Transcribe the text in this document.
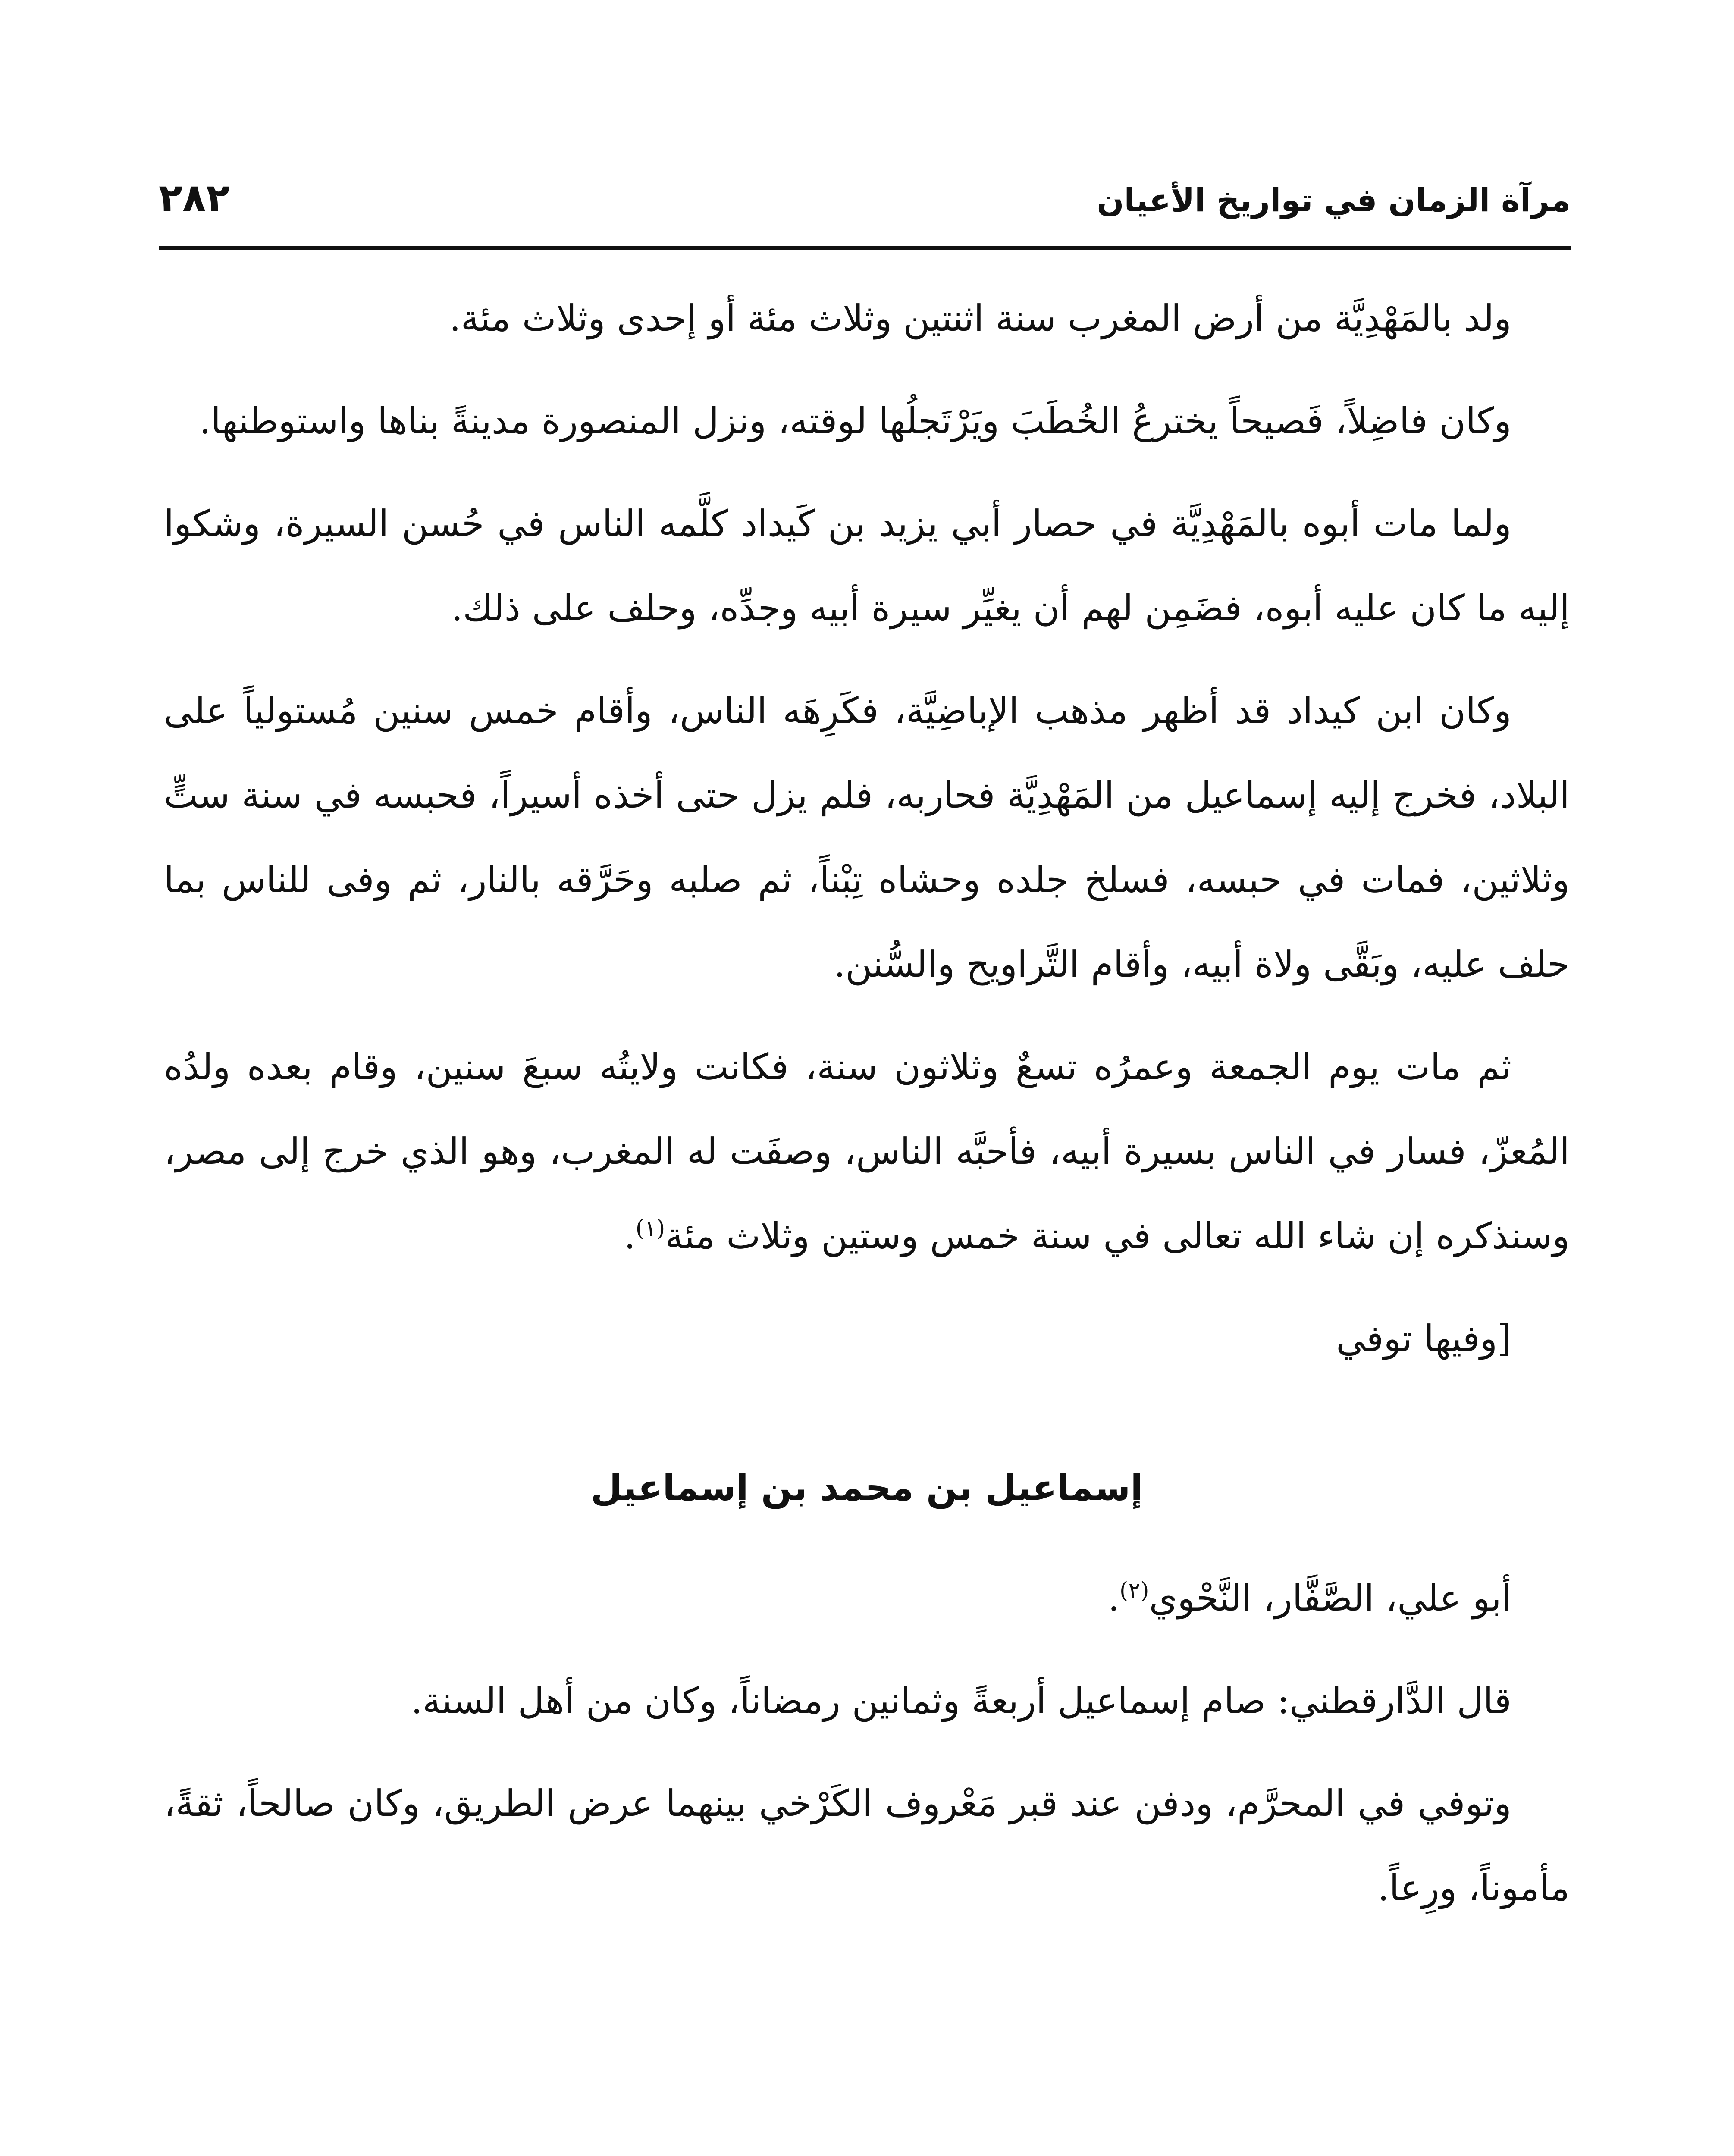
مرآة الزمان في تواريخ الأعيان
٢٨٢

ولد بالمَهْدِيَّة من أرض المغرب سنة اثنتين وثلاث مئة أو إحدى وثلاث مئة.

وكان فاضِلاً، فَصيحاً يخترعُ الخُطَبَ ويَرْتَجلُها لوقته، ونزل المنصورة مدينةً بناها واستوطنها.

ولما مات أبوه بالمَهْدِيَّة في حصار أبي يزيد بن كَيداد كلَّمه الناس في حُسن السيرة، وشكوا إليه ما كان عليه أبوه، فضَمِن لهم أن يغيِّر سيرة أبيه وجدِّه، وحلف على ذلك.

وكان ابن كيداد قد أظهر مذهب الإباضِيَّة، فكَرِهَه الناس، وأقام خمس سنين مُستولياً على البلاد، فخرج إليه إسماعيل من المَهْدِيَّة فحاربه، فلم يزل حتى أخذه أسيراً، فحبسه في سنة ستٍّ وثلاثين، فمات في حبسه، فسلخ جلده وحشاه تِبْناً، ثم صلبه وحَرَّقه بالنار، ثم وفى للناس بما حلف عليه، وبَقَّى ولاة أبيه، وأقام التَّراويح والسُّنن.

ثم مات يوم الجمعة وعمرُه تسعٌ وثلاثون سنة، فكانت ولايتُه سبعَ سنين، وقام بعده ولدُه المُعزّ، فسار في الناس بسيرة أبيه، فأحبَّه الناس، وصفَت له المغرب، وهو الذي خرج إلى مصر، وسنذكره إن شاء الله تعالى في سنة خمس وستين وثلاث مئة$^{(١)}$.

[وفيها توفي

إسماعيل بن محمد بن إسماعيل

أبو علي، الصَّفَّار، النَّحْوي$^{(٢)}$.

قال الدَّارقطني: صام إسماعيل أربعةً وثمانين رمضاناً، وكان من أهل السنة.

وتوفي في المحرَّم، ودفن عند قبر مَعْروف الكَرْخي بينهما عرض الطريق، وكان صالحاً، ثقةً، مأموناً، ورِعاً.
